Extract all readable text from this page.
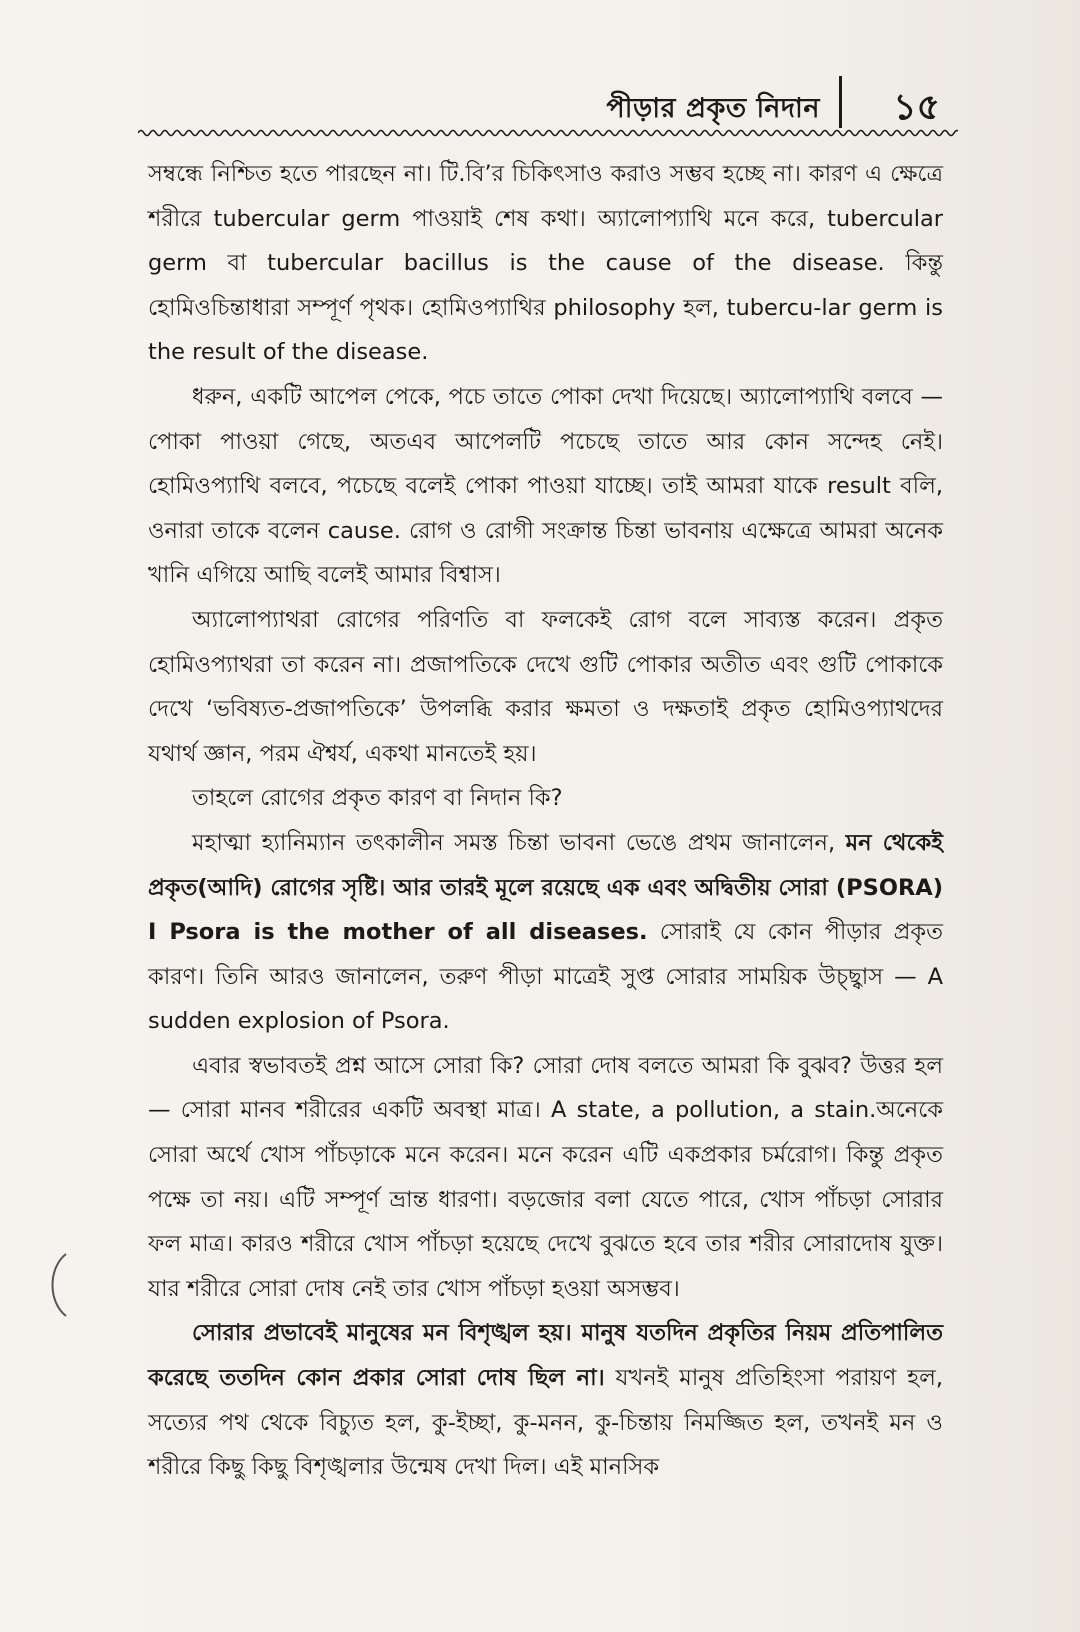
পীড়ার প্রকৃত নিদান ১৫

সম্বন্ধে নিশ্চিত হতে পারছেন না। টি.বি’র চিকিৎসাও করাও সম্ভব হচ্ছে না। কারণ এ ক্ষেত্রে শরীরে tubercular germ পাওয়াই শেষ কথা। অ্যালোপ্যাথি মনে করে, tubercular germ বা tubercular bacillus is the cause of the disease. কিন্তু হোমিওচিন্তাধারা সম্পূর্ণ পৃথক। হোমিওপ্যাথির philosophy হল, tubercu-lar germ is the result of the disease.

ধরুন, একটি আপেল পেকে, পচে তাতে পোকা দেখা দিয়েছে। অ্যালোপ্যাথি বলবে — পোকা পাওয়া গেছে, অতএব আপেলটি পচেছে তাতে আর কোন সন্দেহ নেই। হোমিওপ্যাথি বলবে, পচেছে বলেই পোকা পাওয়া যাচ্ছে। তাই আমরা যাকে result বলি, ওনারা তাকে বলেন cause. রোগ ও রোগী সংক্রান্ত চিন্তা ভাবনায় এক্ষেত্রে আমরা অনেক খানি এগিয়ে আছি বলেই আমার বিশ্বাস।

অ্যালোপ্যাথরা রোগের পরিণতি বা ফলকেই রোগ বলে সাব্যস্ত করেন। প্রকৃত হোমিওপ্যাথরা তা করেন না। প্রজাপতিকে দেখে গুটি পোকার অতীত এবং গুটি পোকাকে দেখে ‘ভবিষ্যত-প্রজাপতিকে’ উপলব্ধি করার ক্ষমতা ও দক্ষতাই প্রকৃত হোমিওপ্যাথদের যথার্থ জ্ঞান, পরম ঐশ্বর্য, একথা মানতেই হয়।

তাহলে রোগের প্রকৃত কারণ বা নিদান কি?

মহাত্মা হ্যানিম্যান তৎকালীন সমস্ত চিন্তা ভাবনা ভেঙে প্রথম জানালেন, মন থেকেই প্রকৃত(আদি) রোগের সৃষ্টি। আর তারই মূলে রয়েছে এক এবং অদ্বিতীয় সোরা (PSORA) I Psora is the mother of all diseases. সোরাই যে কোন পীড়ার প্রকৃত কারণ। তিনি আরও জানালেন, তরুণ পীড়া মাত্রেই সুপ্ত সোরার সাময়িক উচ্ছ্বাস — A sudden explosion of Psora.

এবার স্বভাবতই প্রশ্ন আসে সোরা কি? সোরা দোষ বলতে আমরা কি বুঝব? উত্তর হল — সোরা মানব শরীরের একটি অবস্থা মাত্র। A state, a pollution, a stain.অনেকে সোরা অর্থে খোস পাঁচড়াকে মনে করেন। মনে করেন এটি একপ্রকার চর্মরোগ। কিন্তু প্রকৃত পক্ষে তা নয়। এটি সম্পূর্ণ ভ্রান্ত ধারণা। বড়জোর বলা যেতে পারে, খোস পাঁচড়া সোরার ফল মাত্র। কারও শরীরে খোস পাঁচড়া হয়েছে দেখে বুঝতে হবে তার শরীর সোরাদোষ যুক্ত। যার শরীরে সোরা দোষ নেই তার খোস পাঁচড়া হওয়া অসম্ভব।

সোরার প্রভাবেই মানুষের মন বিশৃঙ্খল হয়। মানুষ যতদিন প্রকৃতির নিয়ম প্রতিপালিত করেছে ততদিন কোন প্রকার সোরা দোষ ছিল না। যখনই মানুষ প্রতিহিংসা পরায়ণ হল, সত্যের পথ থেকে বিচ্যুত হল, কু-ইচ্ছা, কু-মনন, কু-চিন্তায় নিমজ্জিত হল, তখনই মন ও শরীরে কিছু কিছু বিশৃঙ্খলার উন্মেষ দেখা দিল। এই মানসিক
